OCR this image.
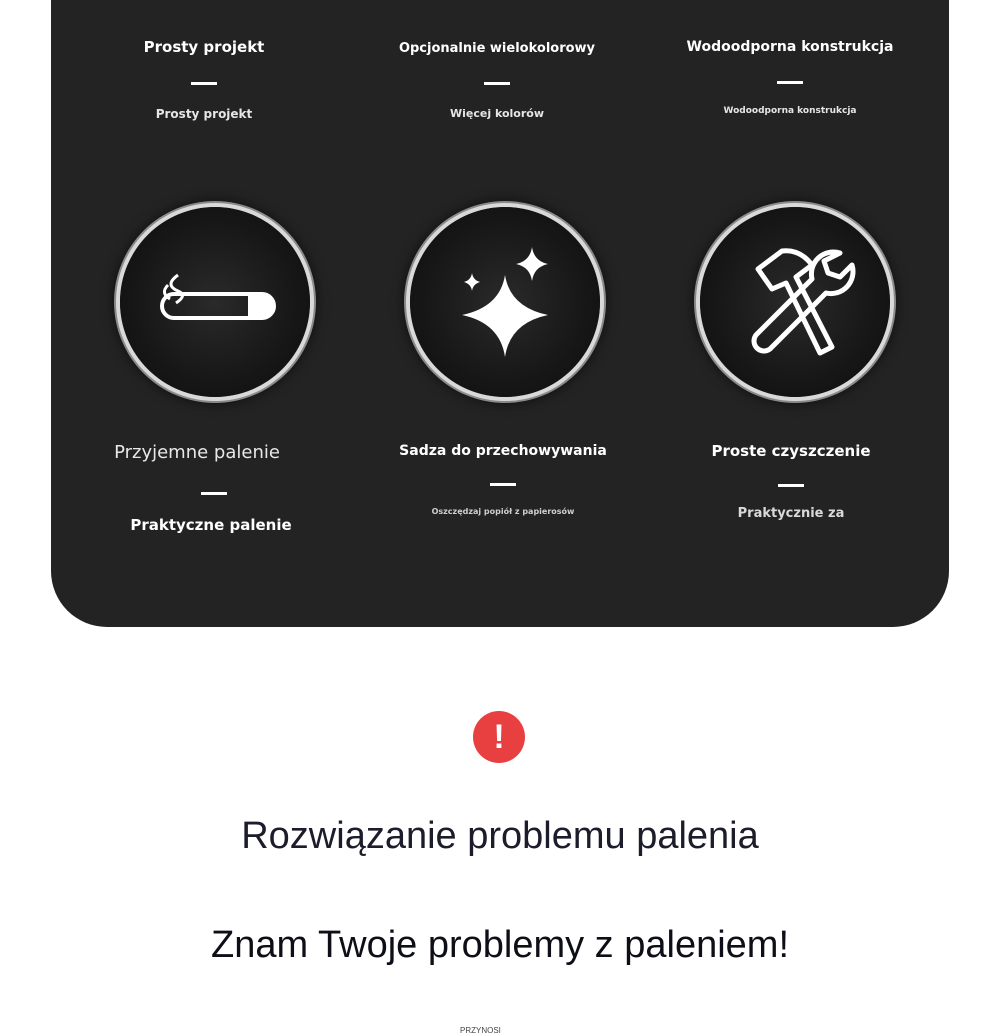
Prosty projekt
Prosty projekt
Opcjonalnie wielokolorowy
Więcej kolorów
Wodoodporna konstrukcja
Wodoodporna konstrukcja
Przyjemne palenie
Praktyczne palenie
Sadza do przechowywania
Oszczędzaj popiół z papierosów
Proste czyszczenie
Praktycznie za
!
Rozwiązanie problemu palenia
Znam Twoje problemy z paleniem!
PRZYNOSI
